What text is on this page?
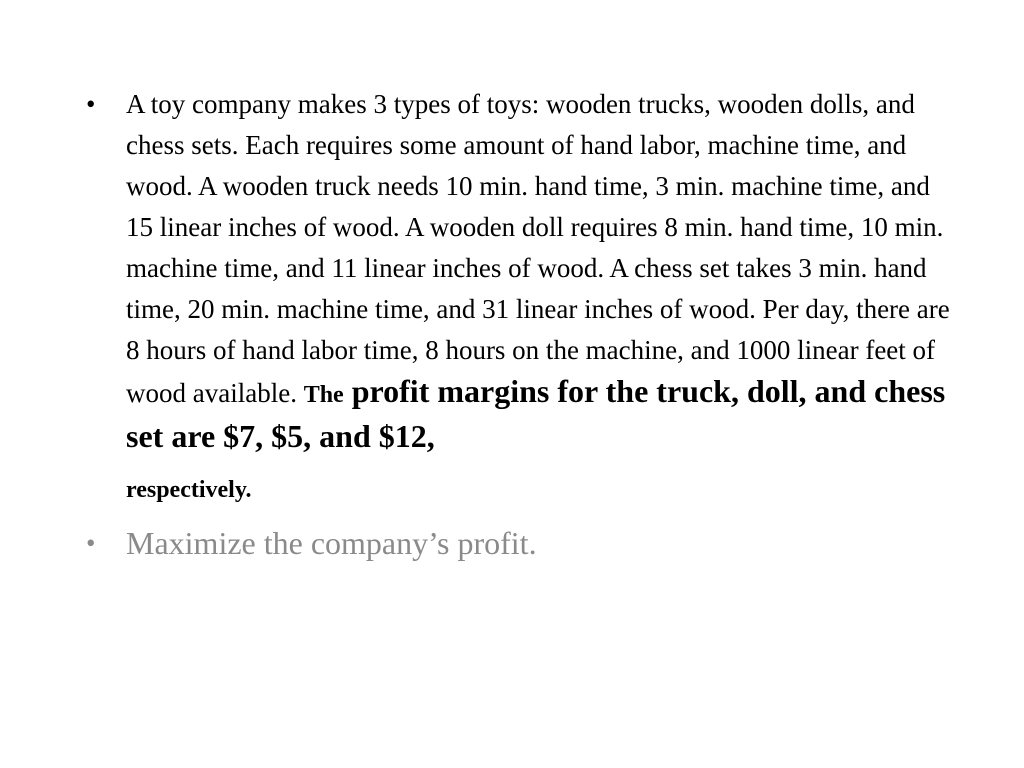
• A toy company makes 3 types of toys: wooden trucks, wooden dolls, and chess sets. Each requires some amount of hand labor, machine time, and wood. A wooden truck needs 10 min. hand time, 3 min. machine time, and 15 linear inches of wood. A wooden doll requires 8 min. hand time, 10 min. machine time, and 11 linear inches of wood. A chess set takes 3 min. hand time, 20 min. machine time, and 31 linear inches of wood. Per day, there are 8 hours of hand labor time, 8 hours on the machine, and 1000 linear feet of wood available. The profit margins for the truck, doll, and chess set are $7, $5, and $12,
respectively.
• Maximize the company’s profit.
